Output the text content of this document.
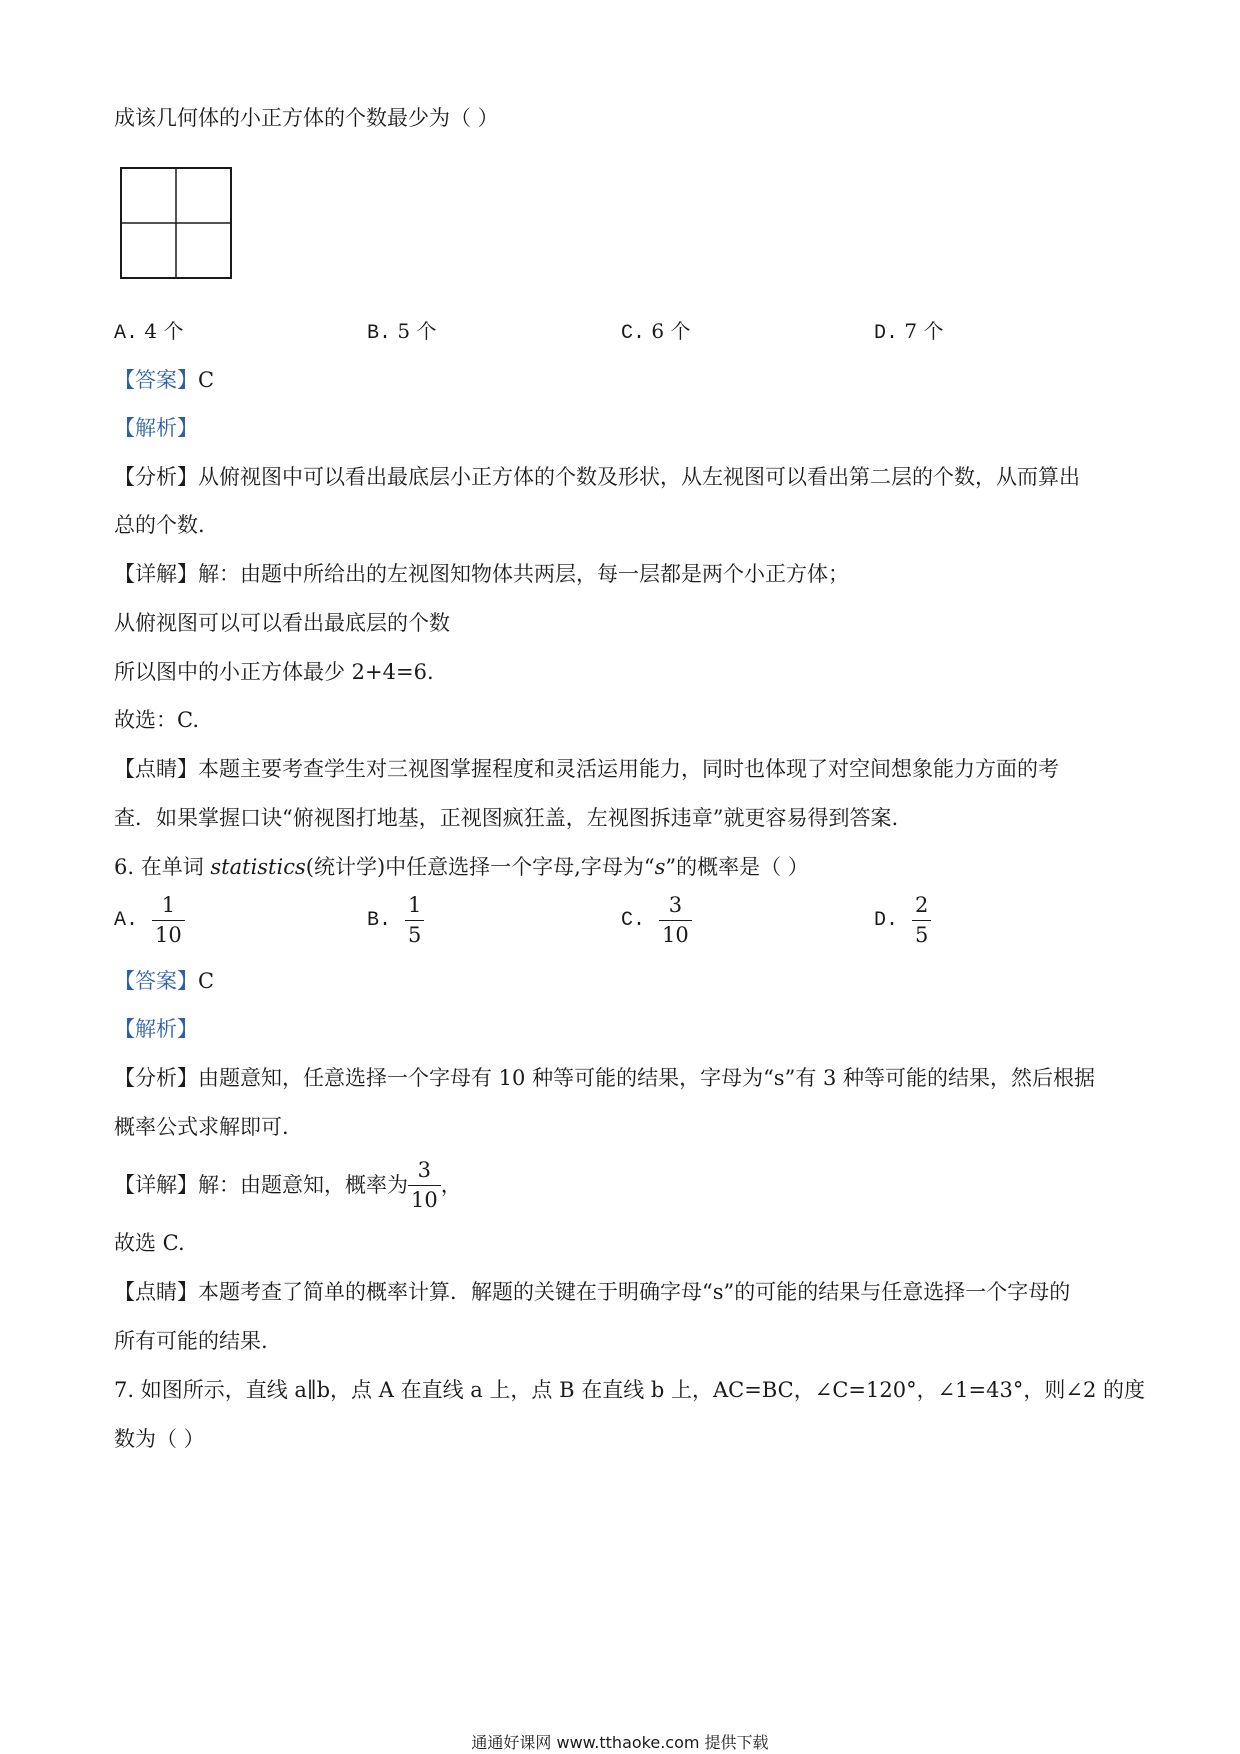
成该几何体的小正方体的个数最少为（ ）
A. 4 个	B. 5 个	C. 6 个	D. 7 个
【答案】C
【解析】
【分析】从俯视图中可以看出最底层小正方体的个数及形状，从左视图可以看出第二层的个数，从而算出
总的个数.
【详解】解：由题中所给出的左视图知物体共两层，每一层都是两个小正方体；
从俯视图可以可以看出最底层的个数
所以图中的小正方体最少 2+4=6.
故选：C.
【点睛】本题主要考查学生对三视图掌握程度和灵活运用能力，同时也体现了对空间想象能力方面的考
查．如果掌握口诀“俯视图打地基，正视图疯狂盖，左视图拆违章”就更容易得到答案.
6. 在单词 statistics(统计学)中任意选择一个字母,字母为“s”的概率是（ ）
A. $\frac{1}{10}$	B. $\frac{1}{5}$	C. $\frac{3}{10}$	D. $\frac{2}{5}$
【答案】C
【解析】
【分析】由题意知，任意选择一个字母有 10 种等可能的结果，字母为“s”有 3 种等可能的结果，然后根据
概率公式求解即可.
【详解】解：由题意知，概率为 $\frac{3}{10}$ ，
故选 C.
【点睛】本题考查了简单的概率计算．解题的关键在于明确字母“s”的可能的结果与任意选择一个字母的
所有可能的结果.
7. 如图所示，直线 a∥b，点 A 在直线 a 上，点 B 在直线 b 上，AC=BC，∠C=120°，∠1=43°，则∠2 的度
数为（ ）
通通好课网 www.tthaoke.com 提供下载
